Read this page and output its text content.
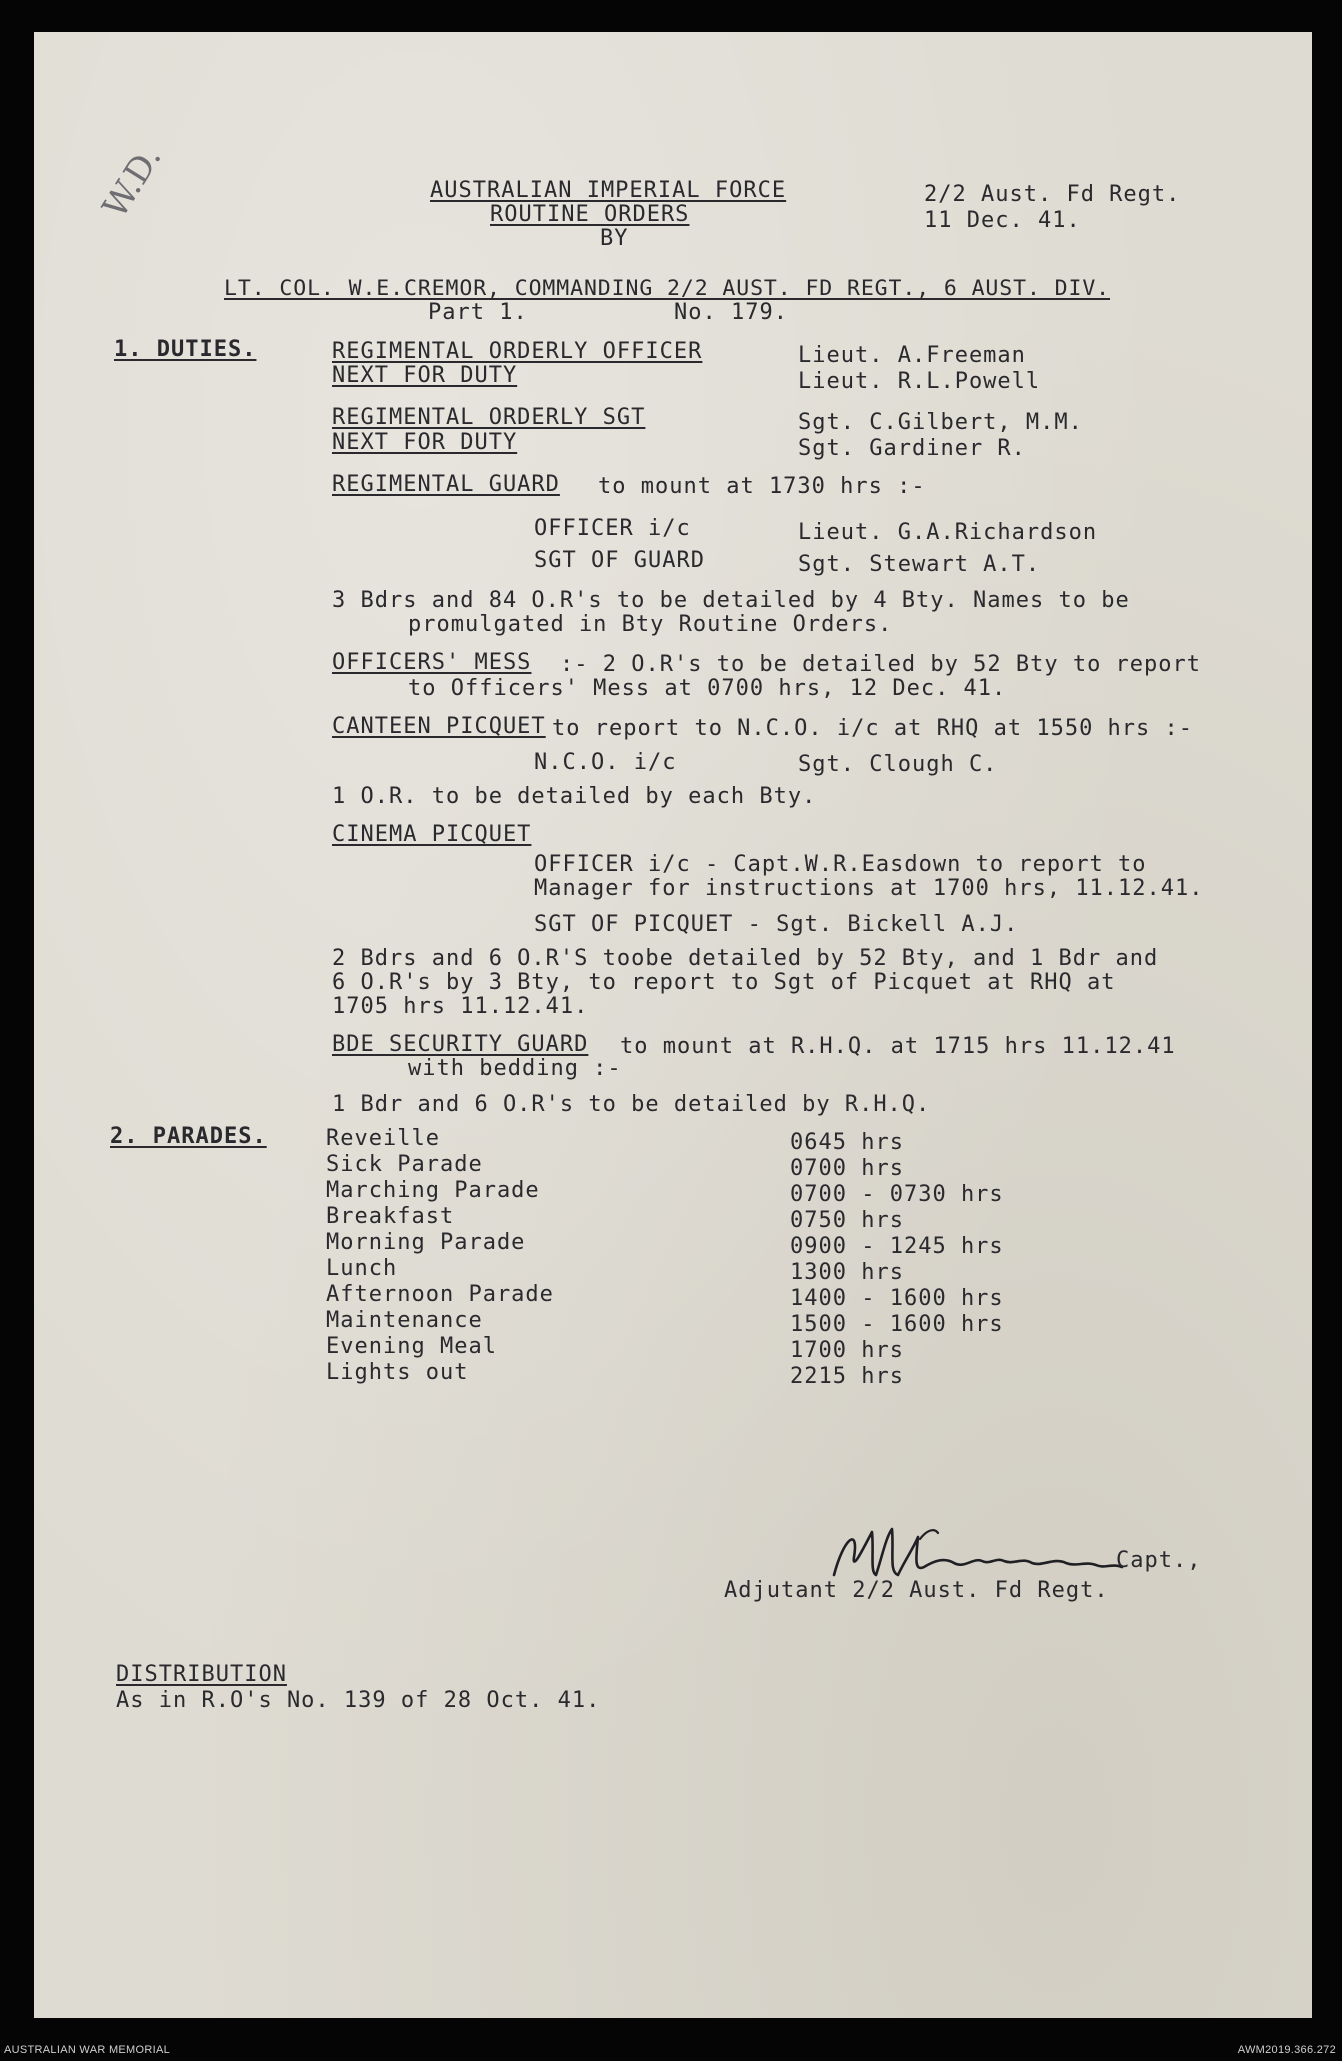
W.D.	AUSTRALIAN IMPERIAL FORCE
ROUTINE ORDERS
BY
2/2 Aust. Fd Regt.
11 Dec. 41.
LT. COL. W.E.CREMOR, COMMANDING 2/2 AUST. FD REGT., 6 AUST. DIV.
Part 1.	No. 179.
1. DUTIES.	REGIMENTAL ORDERLY OFFICER	Lieut. A.Freeman
NEXT FOR DUTY	Lieut. R.L.Powell
REGIMENTAL ORDERLY SGT	Sgt. C.Gilbert, M.M.
NEXT FOR DUTY	Sgt. Gardiner R.
REGIMENTAL GUARD to mount at 1730 hrs :-
OFFICER i/c	Lieut. G.A.Richardson
SGT OF GUARD	Sgt. Stewart A.T.
3 Bdrs and 84 O.R's to be detailed by 4 Bty. Names to be
promulgated in Bty Routine Orders.
OFFICERS' MESS :- 2 O.R's to be detailed by 52 Bty to report
to Officers' Mess at 0700 hrs, 12 Dec. 41.
CANTEEN PICQUET to report to N.C.O. i/c at RHQ at 1550 hrs :-
N.C.O. i/c	Sgt. Clough C.
1 O.R. to be detailed by each Bty.
CINEMA PICQUET
OFFICER i/c - Capt.W.R.Easdown to report to
Manager for instructions at 1700 hrs, 11.12.41.
SGT OF PICQUET - Sgt. Bickell A.J.
2 Bdrs and 6 O.R'S toobe detailed by 52 Bty, and 1 Bdr and
6 O.R's by 3 Bty, to report to Sgt of Picquet at RHQ at
1705 hrs 11.12.41.
BDE SECURITY GUARD to mount at R.H.Q. at 1715 hrs 11.12.41
with bedding :-
1 Bdr and 6 O.R's to be detailed by R.H.Q.
2. PARADES.	Reveille	0645 hrs
Sick Parade	0700 hrs
Marching Parade	0700 - 0730 hrs
Breakfast	0750 hrs
Morning Parade	0900 - 1245 hrs
Lunch	1300 hrs
Afternoon Parade	1400 - 1600 hrs
Maintenance	1500 - 1600 hrs
Evening Meal	1700 hrs
Lights out	2215 hrs
Capt.,
Adjutant 2/2 Aust. Fd Regt.
DISTRIBUTION
As in R.O's No. 139 of 28 Oct. 41.
AUSTRALIAN WAR MEMORIAL	AWM2019.366.272
